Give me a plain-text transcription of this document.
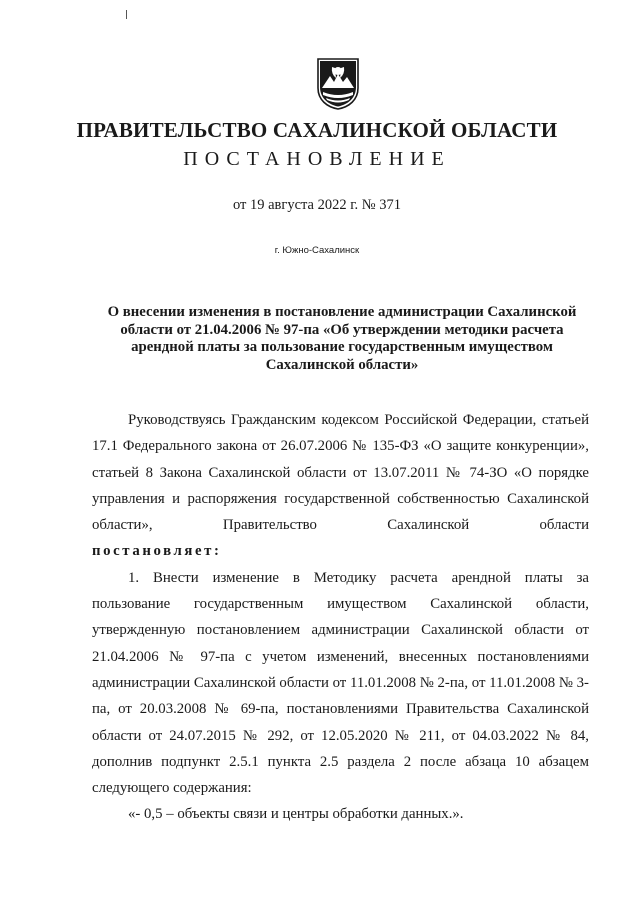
ПРАВИТЕЛЬСТВО САХАЛИНСКОЙ ОБЛАСТИ
ПОСТАНОВЛЕНИЕ
от 19 августа 2022 г. № 371
г. Южно-Сахалинск
О внесении изменения в постановление администрации Сахалинской
области от 21.04.2006 № 97-па «Об утверждении методики расчета
арендной платы за пользование государственным имуществом
Сахалинской области»

Руководствуясь Гражданским кодексом Российской Федерации, статьей 17.1 Федерального закона от 26.07.2006 № 135-ФЗ «О защите конкуренции», статьей 8 Закона Сахалинской области от 13.07.2011 № 74-ЗО «О порядке управления и распоряжения государственной собственностью Сахалинской области», Правительство Сахалинской области

постановляет:

1. Внести изменение в Методику расчета арендной платы за пользование государственным имуществом Сахалинской области, утвержденную постановлением администрации Сахалинской области от 21.04.2006 № 97-па с учетом изменений, внесенных постановлениями администрации Сахалинской области от 11.01.2008 № 2-па, от 11.01.2008 № 3-па, от 20.03.2008 № 69-па, постановлениями Правительства Сахалинской области от 24.07.2015 № 292, от 12.05.2020 № 211, от 04.03.2022 № 84, дополнив подпункт 2.5.1 пункта 2.5 раздела 2 после абзаца 10 абзацем следующего содержания:

«- 0,5 – объекты связи и центры обработки данных.».
